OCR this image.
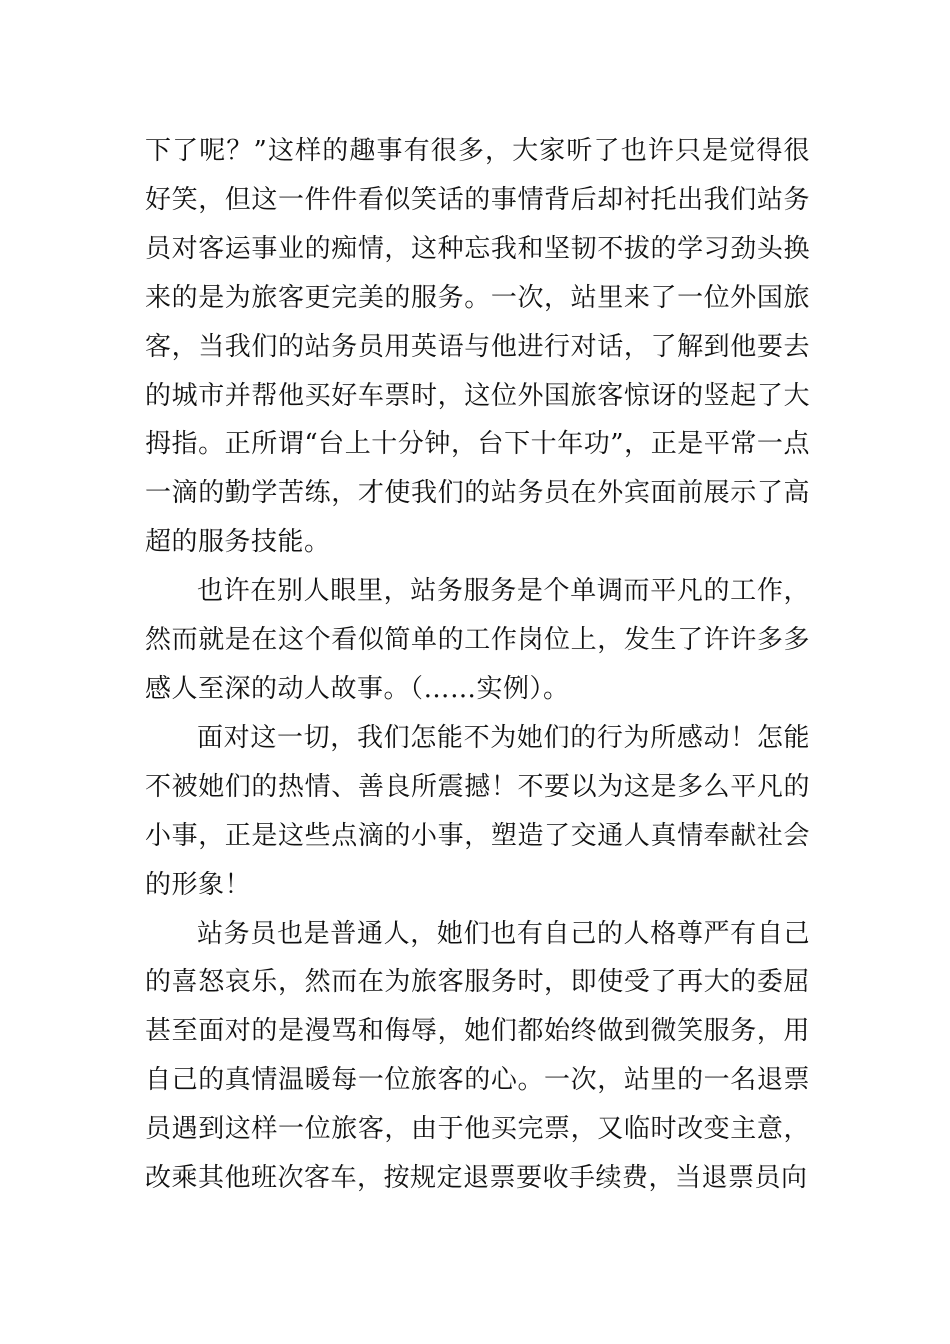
下了呢？”这样的趣事有很多，大家听了也许只是觉得很好笑，但这一件件看似笑话的事情背后却衬托出我们站务员对客运事业的痴情，这种忘我和坚韧不拔的学习劲头换来的是为旅客更完美的服务。一次，站里来了一位外国旅客，当我们的站务员用英语与他进行对话，了解到他要去的城市并帮他买好车票时，这位外国旅客惊讶的竖起了大拇指。正所谓“台上十分钟，台下十年功”，正是平常一点一滴的勤学苦练，才使我们的站务员在外宾面前展示了高超的服务技能。

也许在别人眼里，站务服务是个单调而平凡的工作，然而就是在这个看似简单的工作岗位上，发生了许许多多感人至深的动人故事。（……实例）。

面对这一切，我们怎能不为她们的行为所感动！怎能不被她们的热情、善良所震撼！不要以为这是多么平凡的小事，正是这些点滴的小事，塑造了交通人真情奉献社会的形象！

站务员也是普通人，她们也有自己的人格尊严有自己的喜怒哀乐，然而在为旅客服务时，即使受了再大的委屈甚至面对的是漫骂和侮辱，她们都始终做到微笑服务，用自己的真情温暖每一位旅客的心。一次，站里的一名退票员遇到这样一位旅客，由于他买完票，又临时改变主意，改乘其他班次客车，按规定退票要收手续费，当退票员向
